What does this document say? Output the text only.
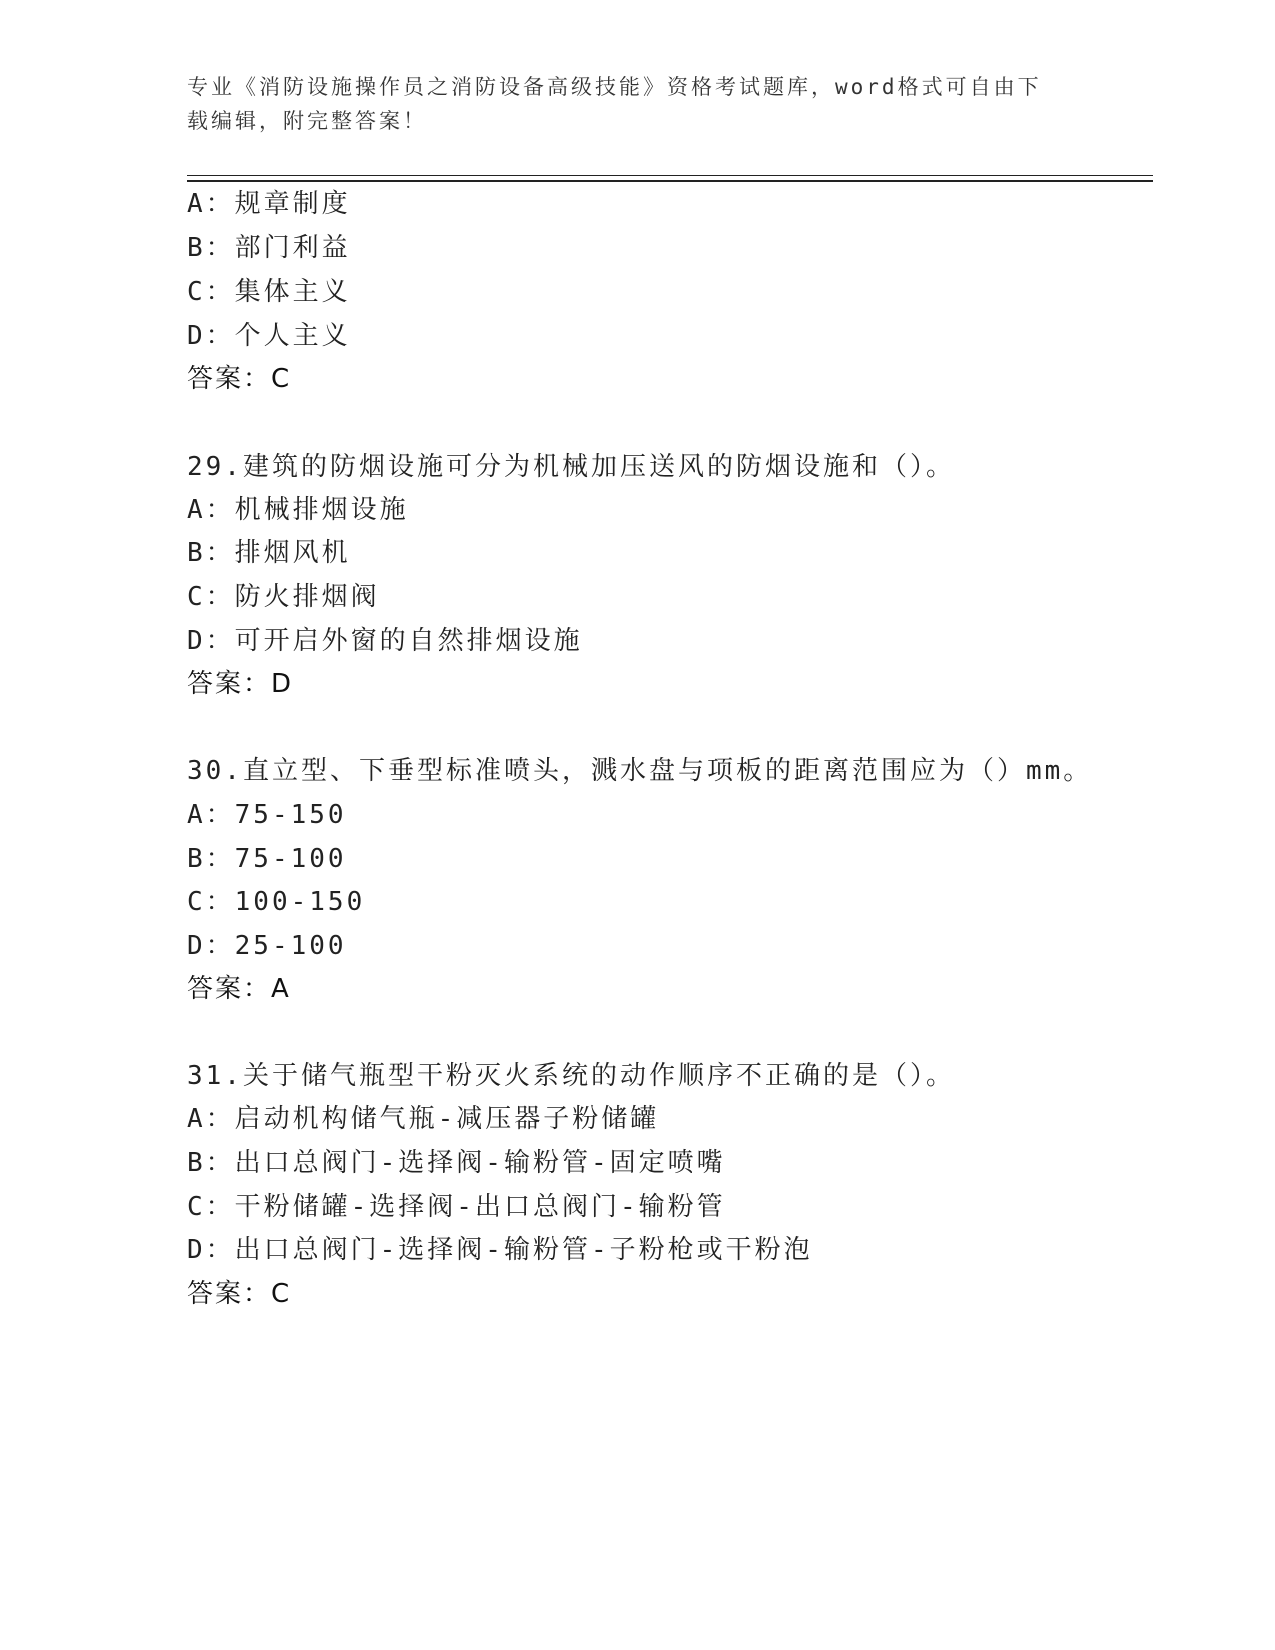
专业《消防设施操作员之消防设备高级技能》资格考试题库，word格式可自由下
载编辑，附完整答案！
A：规章制度
B：部门利益
C：集体主义
D：个人主义
答案：C
29.建筑的防烟设施可分为机械加压送风的防烟设施和（）。
A：机械排烟设施
B：排烟风机
C：防火排烟阀
D：可开启外窗的自然排烟设施
答案：D
30.直立型、下垂型标准喷头，溅水盘与项板的距离范围应为（）mm。
A：75-150
B：75-100
C：100-150
D：25-100
答案：A
31.关于储气瓶型干粉灭火系统的动作顺序不正确的是（）。
A：启动机构储气瓶-减压器子粉储罐
B：出口总阀门-选择阀-输粉管-固定喷嘴
C：干粉储罐-选择阀-出口总阀门-输粉管
D：出口总阀门-选择阀-输粉管-子粉枪或干粉泡
答案：C
